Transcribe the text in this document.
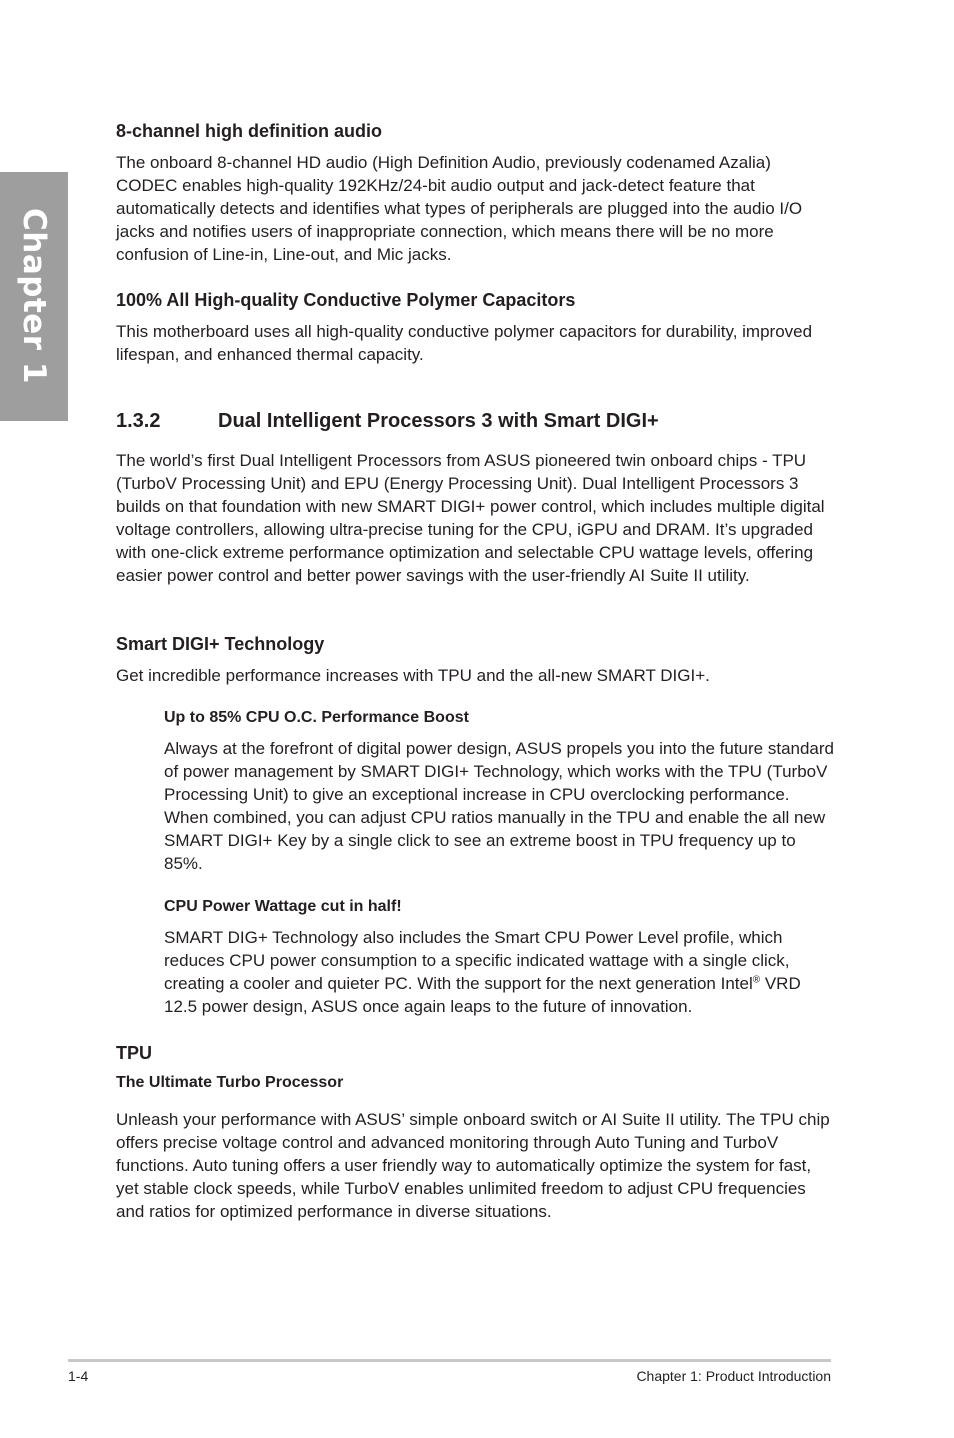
Chapter 1
8-channel high definition audio

The onboard 8-channel HD audio (High Definition Audio, previously codenamed Azalia) CODEC enables high-quality 192KHz/24-bit audio output and jack-detect feature that automatically detects and identifies what types of peripherals are plugged into the audio I/O jacks and notifies users of inappropriate connection, which means there will be no more confusion of Line-in, Line-out, and Mic jacks.

100% All High-quality Conductive Polymer Capacitors

This motherboard uses all high-quality conductive polymer capacitors for durability, improved lifespan, and enhanced thermal capacity.

1.3.2	Dual Intelligent Processors 3 with Smart DIGI+

The world’s first Dual Intelligent Processors from ASUS pioneered twin onboard chips - TPU (TurboV Processing Unit) and EPU (Energy Processing Unit). Dual Intelligent Processors 3 builds on that foundation with new SMART DIGI+ power control, which includes multiple digital voltage controllers, allowing ultra-precise tuning for the CPU, iGPU and DRAM. It’s upgraded with one-click extreme performance optimization and selectable CPU wattage levels, offering easier power control and better power savings with the user-friendly AI Suite II utility.

Smart DIGI+ Technology

Get incredible performance increases with TPU and the all-new SMART DIGI+.

Up to 85% CPU O.C. Performance Boost

Always at the forefront of digital power design, ASUS propels you into the future standard of power management by SMART DIGI+ Technology, which works with the TPU (TurboV Processing Unit) to give an exceptional increase in CPU overclocking performance. When combined, you can adjust CPU ratios manually in the TPU and enable the all new SMART DIGI+ Key by a single click to see an extreme boost in TPU frequency up to 85%.

CPU Power Wattage cut in half!

SMART DIG+ Technology also includes the Smart CPU Power Level profile, which reduces CPU power consumption to a specific indicated wattage with a single click, creating a cooler and quieter PC. With the support for the next generation Intel® VRD 12.5 power design, ASUS once again leaps to the future of innovation.

TPU
The Ultimate Turbo Processor

Unleash your performance with ASUS’ simple onboard switch or AI Suite II utility. The TPU chip offers precise voltage control and advanced monitoring through Auto Tuning and TurboV functions. Auto tuning offers a user friendly way to automatically optimize the system for fast, yet stable clock speeds, while TurboV enables unlimited freedom to adjust CPU frequencies and ratios for optimized performance in diverse situations.

1-4	Chapter 1: Product Introduction
